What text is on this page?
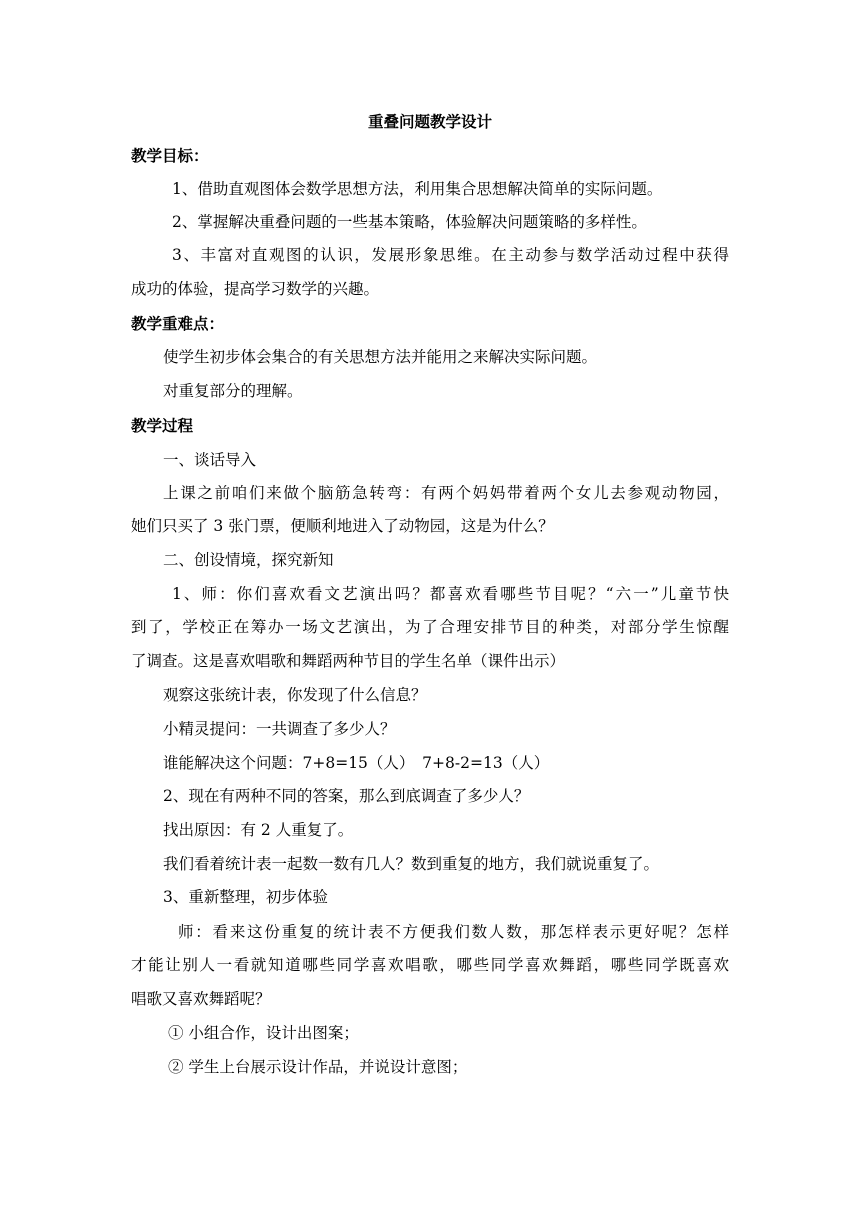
重叠问题教学设计

教学目标：

1、借助直观图体会数学思想方法，利用集合思想解决简单的实际问题。

2、掌握解决重叠问题的一些基本策略，体验解决问题策略的多样性。

3、丰富对直观图的认识，发展形象思维。在主动参与数学活动过程中获得

成功的体验，提高学习数学的兴趣。

教学重难点：

使学生初步体会集合的有关思想方法并能用之来解决实际问题。

对重复部分的理解。

教学过程

一、谈话导入

上课之前咱们来做个脑筋急转弯：有两个妈妈带着两个女儿去参观动物园，

她们只买了 3 张门票，便顺利地进入了动物园，这是为什么？

二、创设情境，探究新知

1、师：你们喜欢看文艺演出吗？都喜欢看哪些节目呢？“六一”儿童节快

到了，学校正在筹办一场文艺演出，为了合理安排节目的种类，对部分学生惊醒

了调查。这是喜欢唱歌和舞蹈两种节目的学生名单（课件出示）

观察这张统计表，你发现了什么信息？

小精灵提问：一共调查了多少人？

谁能解决这个问题：7+8=15（人）　7+8-2=13（人）

2、现在有两种不同的答案，那么到底调查了多少人？

找出原因：有 2 人重复了。

我们看着统计表一起数一数有几人？数到重复的地方，我们就说重复了。

3、重新整理，初步体验

师：看来这份重复的统计表不方便我们数人数，那怎样表示更好呢？怎样

才能让别人一看就知道哪些同学喜欢唱歌，哪些同学喜欢舞蹈，哪些同学既喜欢

唱歌又喜欢舞蹈呢？

① 小组合作，设计出图案；

② 学生上台展示设计作品，并说设计意图；
